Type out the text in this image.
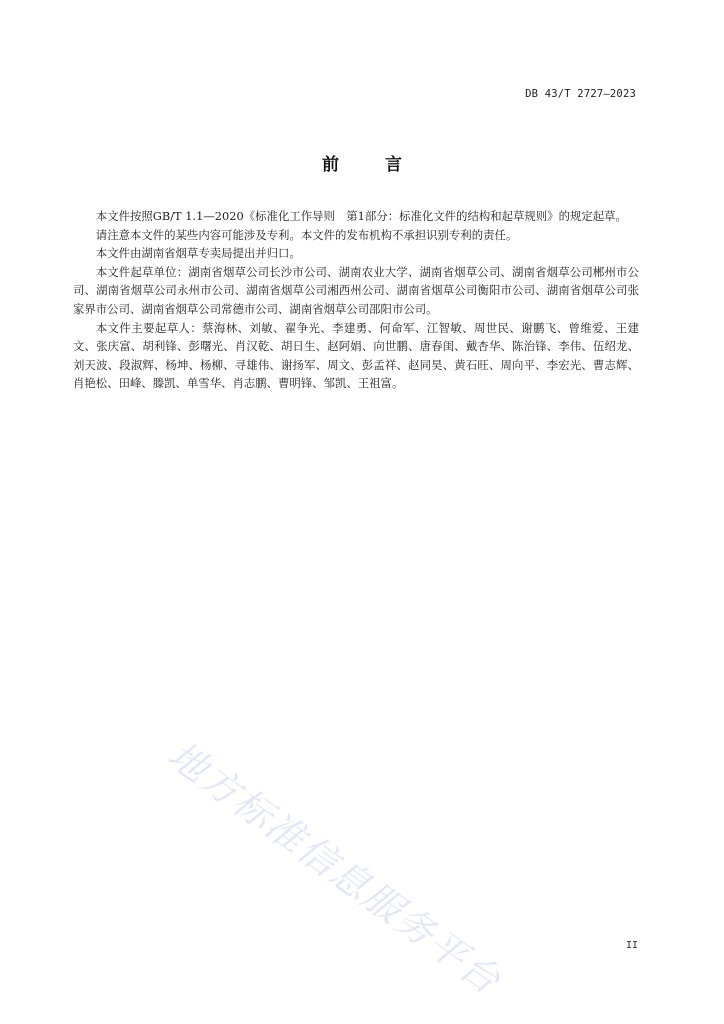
DB 43/T 2727—2023
前言

本文件按照GB/T 1.1—2020《标准化工作导则　第1部分：标准化文件的结构和起草规则》的规定起草。

请注意本文件的某些内容可能涉及专利。本文件的发布机构不承担识别专利的责任。

本文件由湖南省烟草专卖局提出并归口。

本文件起草单位：湖南省烟草公司长沙市公司、湖南农业大学、湖南省烟草公司、湖南省烟草公司郴州市公司、湖南省烟草公司永州市公司、湖南省烟草公司湘西州公司、湖南省烟草公司衡阳市公司、湖南省烟草公司张家界市公司、湖南省烟草公司常德市公司、湖南省烟草公司邵阳市公司。

本文件主要起草人：蔡海林、刘敏、翟争光、李建勇、何命军、江智敏、周世民、谢鹏飞、曾维爱、王建文、张庆富、胡利锋、彭曙光、肖汉乾、胡日生、赵阿娟、向世鹏、唐春闺、戴杏华、陈治锋、李伟、伍绍龙、刘天波、段淑辉、杨坤、杨柳、寻雄伟、谢扬军、周文、彭孟祥、赵同昊、黄石旺、周向平、李宏光、曹志辉、肖艳松、田峰、滕凯、单雪华、肖志鹏、曹明锋、邹凯、王祖富。

地方标准信息服务平台	II
